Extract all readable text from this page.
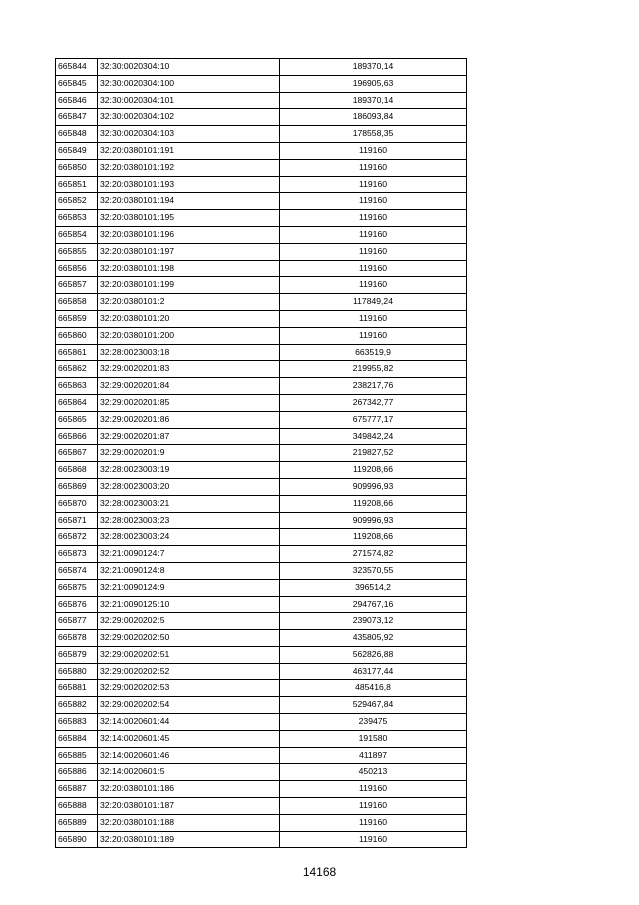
665844	32:30:0020304:10	189370,14
665845	32:30:0020304:100	196905,63
665846	32:30:0020304:101	189370,14
665847	32:30:0020304:102	186093,84
665848	32:30:0020304:103	178558,35
665849	32:20:0380101:191	119160
665850	32:20:0380101:192	119160
665851	32:20:0380101:193	119160
665852	32:20:0380101:194	119160
665853	32:20:0380101:195	119160
665854	32:20:0380101:196	119160
665855	32:20:0380101:197	119160
665856	32:20:0380101:198	119160
665857	32:20:0380101:199	119160
665858	32:20:0380101:2	117849,24
665859	32:20:0380101:20	119160
665860	32:20:0380101:200	119160
665861	32:28:0023003:18	663519,9
665862	32:29:0020201:83	219955,82
665863	32:29:0020201:84	238217,76
665864	32:29:0020201:85	267342,77
665865	32:29:0020201:86	675777,17
665866	32:29:0020201:87	349842,24
665867	32:29:0020201:9	219827,52
665868	32:28:0023003:19	119208,66
665869	32:28:0023003:20	909996,93
665870	32:28:0023003:21	119208,66
665871	32:28:0023003:23	909996,93
665872	32:28:0023003:24	119208,66
665873	32:21:0090124:7	271574,82
665874	32:21:0090124:8	323570,55
665875	32:21:0090124:9	396514,2
665876	32:21:0090125:10	294767,16
665877	32:29:0020202:5	239073,12
665878	32:29:0020202:50	435805,92
665879	32:29:0020202:51	562826,88
665880	32:29:0020202:52	463177,44
665881	32:29:0020202:53	485416,8
665882	32:29:0020202:54	529467,84
665883	32:14:0020601:44	239475
665884	32:14:0020601:45	191580
665885	32:14:0020601:46	411897
665886	32:14:0020601:5	450213
665887	32:20:0380101:186	119160
665888	32:20:0380101:187	119160
665889	32:20:0380101:188	119160
665890	32:20:0380101:189	119160
14168
